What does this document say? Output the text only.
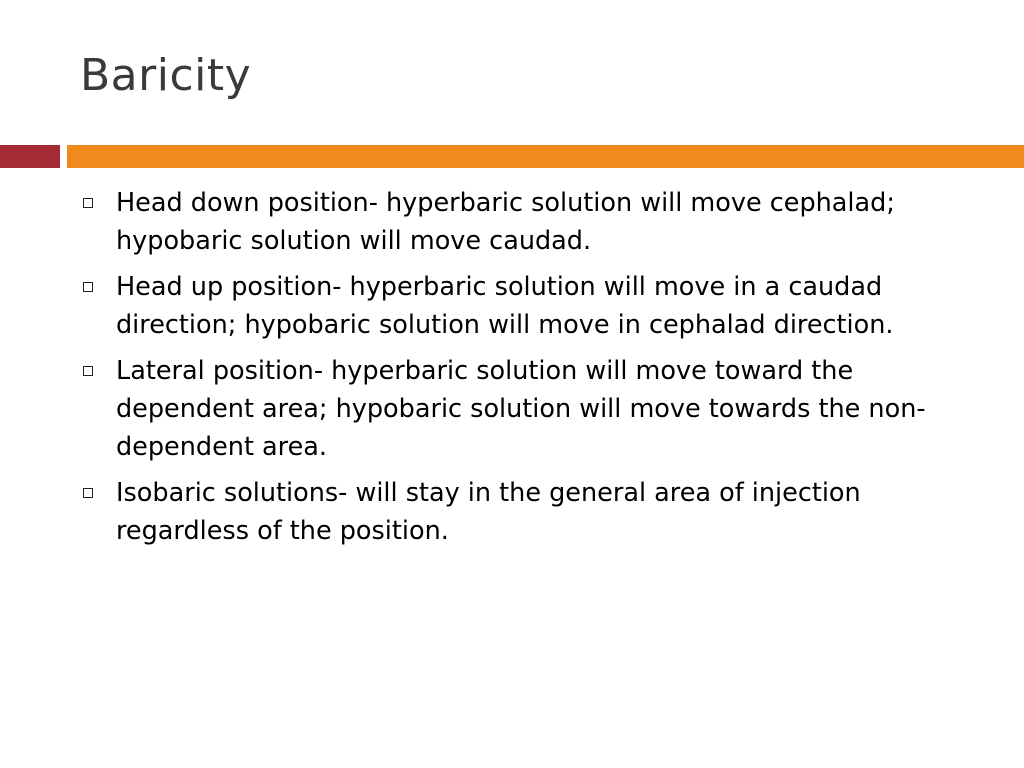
Baricity
Head down position- hyperbaric solution will move cephalad; hypobaric solution will move caudad.
Head up position- hyperbaric solution will move in a caudad direction; hypobaric solution will move in cephalad direction.
Lateral position- hyperbaric solution will move toward the dependent area; hypobaric solution will move towards the non-dependent area.
Isobaric solutions- will stay in the general area of injection regardless of the position.
